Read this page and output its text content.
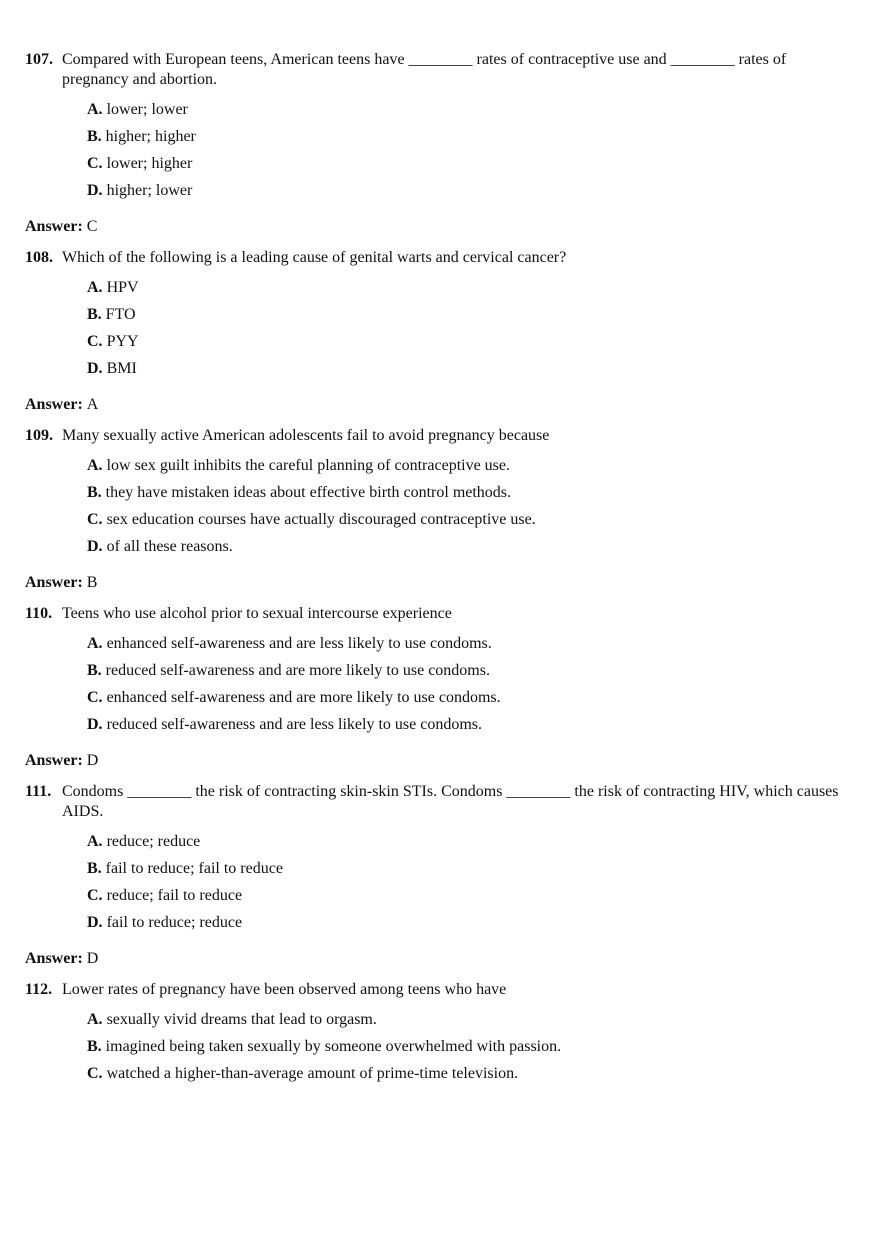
107. Compared with European teens, American teens have ________ rates of contraceptive use and ________ rates of pregnancy and abortion.
A. lower; lower
B. higher; higher
C. lower; higher
D. higher; lower
Answer: C
108. Which of the following is a leading cause of genital warts and cervical cancer?
A. HPV
B. FTO
C. PYY
D. BMI
Answer: A
109. Many sexually active American adolescents fail to avoid pregnancy because
A. low sex guilt inhibits the careful planning of contraceptive use.
B. they have mistaken ideas about effective birth control methods.
C. sex education courses have actually discouraged contraceptive use.
D. of all these reasons.
Answer: B
110. Teens who use alcohol prior to sexual intercourse experience
A. enhanced self-awareness and are less likely to use condoms.
B. reduced self-awareness and are more likely to use condoms.
C. enhanced self-awareness and are more likely to use condoms.
D. reduced self-awareness and are less likely to use condoms.
Answer: D
111. Condoms ________ the risk of contracting skin-skin STIs. Condoms ________ the risk of contracting HIV, which causes AIDS.
A. reduce; reduce
B. fail to reduce; fail to reduce
C. reduce; fail to reduce
D. fail to reduce; reduce
Answer: D
112. Lower rates of pregnancy have been observed among teens who have
A. sexually vivid dreams that lead to orgasm.
B. imagined being taken sexually by someone overwhelmed with passion.
C. watched a higher-than-average amount of prime-time television.
